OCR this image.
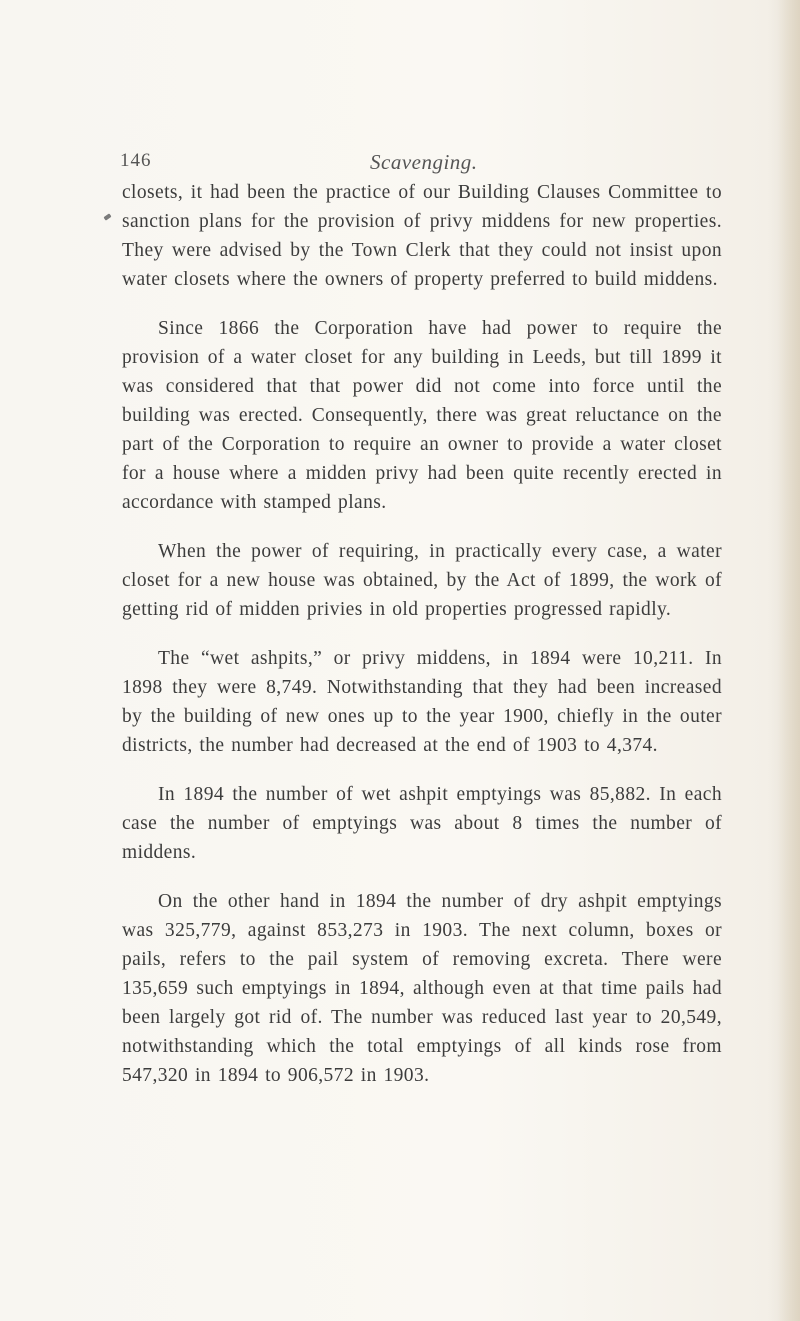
146	Scavenging.

closets, it had been the practice of our Building Clauses Committee to sanction plans for the provision of privy middens for new properties. They were advised by the Town Clerk that they could not insist upon water closets where the owners of property preferred to build middens.

Since 1866 the Corporation have had power to require the provision of a water closet for any building in Leeds, but till 1899 it was considered that that power did not come into force until the building was erected. Consequently, there was great reluctance on the part of the Corporation to require an owner to provide a water closet for a house where a midden privy had been quite recently erected in accordance with stamped plans.

When the power of requiring, in practically every case, a water closet for a new house was obtained, by the Act of 1899, the work of getting rid of midden privies in old properties progressed rapidly.

The “wet ashpits,” or privy middens, in 1894 were 10,211. In 1898 they were 8,749. Notwithstanding that they had been increased by the building of new ones up to the year 1900, chiefly in the outer districts, the number had decreased at the end of 1903 to 4,374.

In 1894 the number of wet ashpit emptyings was 85,882. In each case the number of emptyings was about 8 times the number of middens.

On the other hand in 1894 the number of dry ashpit emptyings was 325,779, against 853,273 in 1903. The next column, boxes or pails, refers to the pail system of removing excreta. There were 135,659 such emptyings in 1894, although even at that time pails had been largely got rid of. The number was reduced last year to 20,549, notwithstanding which the total emptyings of all kinds rose from 547,320 in 1894 to 906,572 in 1903.
